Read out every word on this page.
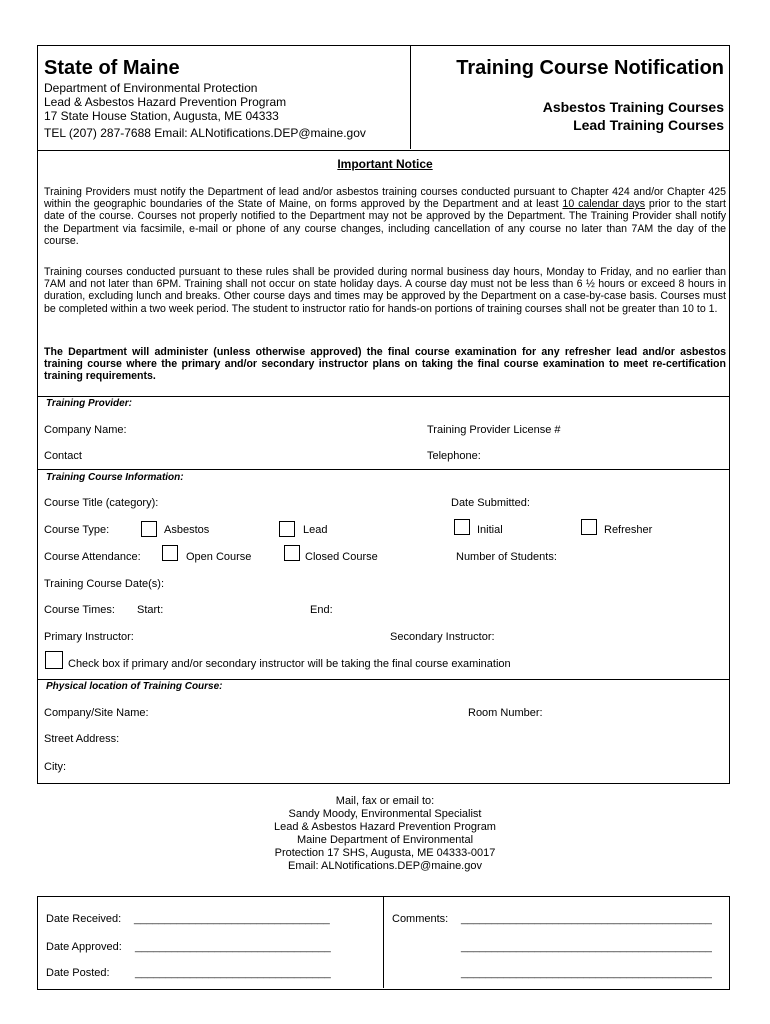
State of Maine
Department of Environmental Protection
Lead & Asbestos Hazard Prevention Program
17 State House Station, Augusta, ME 04333
TEL (207) 287-7688 Email: ALNotifications.DEP@maine.gov
Training Course Notification
Asbestos Training Courses
Lead Training Courses
Important Notice
Training Providers must notify the Department of lead and/or asbestos training courses conducted pursuant to Chapter 424 and/or Chapter 425 within the geographic boundaries of the State of Maine, on forms approved by the Department and at least 10 calendar days prior to the start date of the course. Courses not properly notified to the Department may not be approved by the Department. The Training Provider shall notify the Department via facsimile, e-mail or phone of any course changes, including cancellation of any course no later than 7AM the day of the course.
Training courses conducted pursuant to these rules shall be provided during normal business day hours, Monday to Friday, and no earlier than 7AM and not later than 6PM. Training shall not occur on state holiday days. A course day must not be less than 6 ½ hours or exceed 8 hours in duration, excluding lunch and breaks. Other course days and times may be approved by the Department on a case-by-case basis. Courses must be completed within a two week period. The student to instructor ratio for hands-on portions of training courses shall not be greater than 10 to 1.
The Department will administer (unless otherwise approved) the final course examination for any refresher lead and/or asbestos training course where the primary and/or secondary instructor plans on taking the final course examination to meet re-certification training requirements.
Training Provider:
Company Name:	Training Provider License #
Contact	Telephone:
Training Course Information:
Course Title (category):	Date Submitted:
Course Type:	Asbestos	Lead	Initial	Refresher
Course Attendance:	Open Course	Closed Course	Number of Students:
Training Course Date(s):
Course Times: Start:	End:
Primary Instructor:	Secondary Instructor:
Check box if primary and/or secondary instructor will be taking the final course examination
Physical location of Training Course:
Company/Site Name:	Room Number:
Street Address:
City:
Mail, fax or email to:
Sandy Moody, Environmental Specialist
Lead & Asbestos Hazard Prevention Program
Maine Department of Environmental
Protection 17 SHS, Augusta, ME 04333-0017
Email: ALNotifications.DEP@maine.gov
Date Received: ________________________________
Date Approved: ________________________________
Date Posted: ________________________________
Comments: _________________________________________
_________________________________________
_________________________________________
